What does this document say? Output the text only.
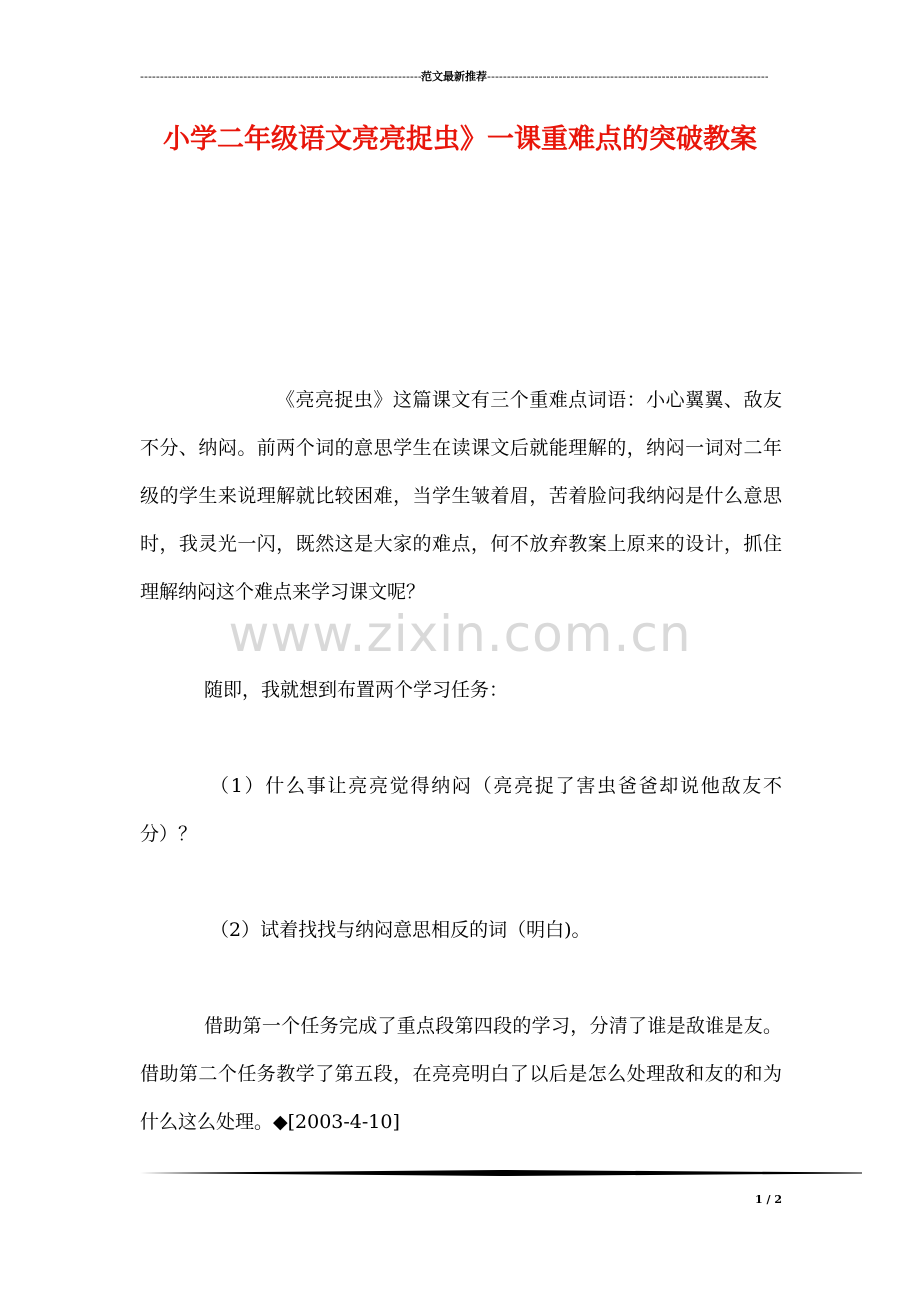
-----
范文最新推荐
-----
小学二年级语文亮亮捉虫》一课重难点的突破教案
www.zixin.com.cn

《亮亮捉虫》这篇课文有三个重难点词语：小心翼翼、敌友不分、纳闷。前两个词的意思学生在读课文后就能理解的，纳闷一词对二年级的学生来说理解就比较困难，当学生皱着眉，苦着脸问我纳闷是什么意思时，我灵光一闪，既然这是大家的难点，何不放弃教案上原来的设计，抓住理解纳闷这个难点来学习课文呢？

随即，我就想到布置两个学习任务：

（1）什么事让亮亮觉得纳闷（亮亮捉了害虫爸爸却说他敌友不分）？

（2）试着找找与纳闷意思相反的词（明白)。

借助第一个任务完成了重点段第四段的学习，分清了谁是敌谁是友。借助第二个任务教学了第五段，在亮亮明白了以后是怎么处理敌和友的和为什么这么处理。◆[2003-4-10]

1 / 2
